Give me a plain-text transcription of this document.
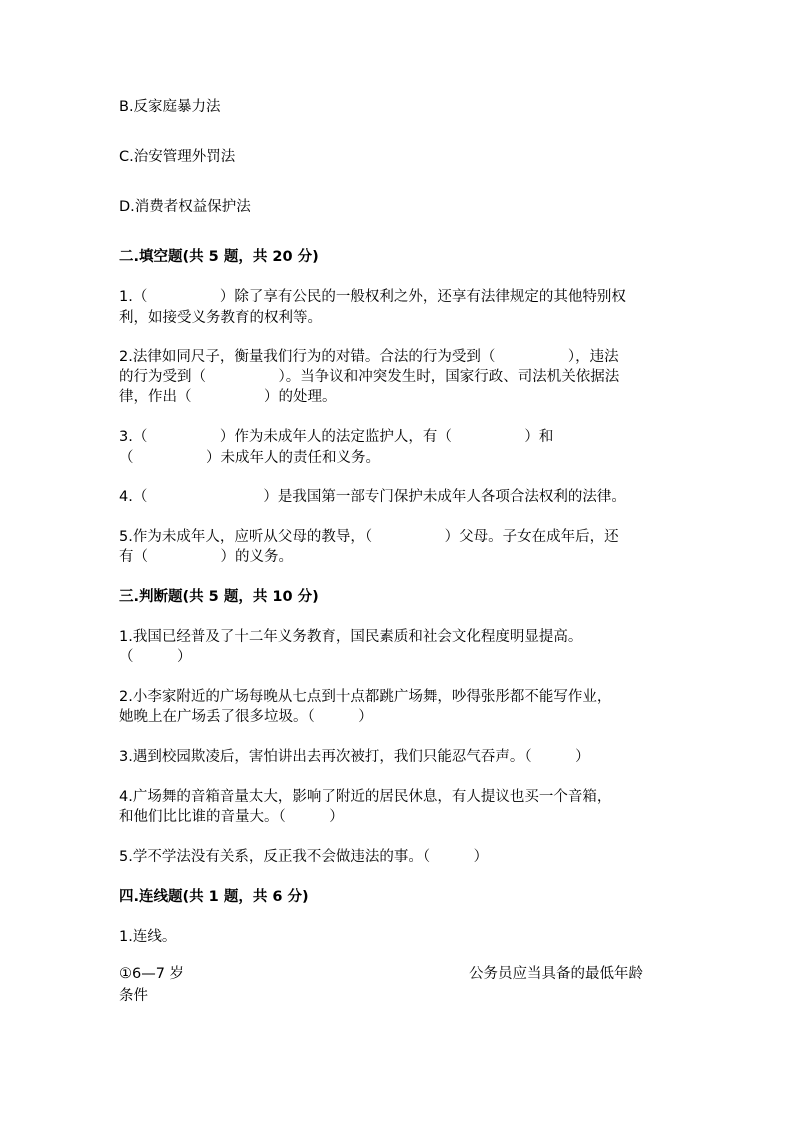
B.反家庭暴力法
C.治安管理外罚法
D.消费者权益保护法
二.填空题(共 5 题，共 20 分)
1.（　　　　　）除了享有公民的一般权利之外，还享有法律规定的其他特别权
利，如接受义务教育的权利等。
2.法律如同尺子，衡量我们行为的对错。合法的行为受到（　　　　　），违法
的行为受到（　　　　　）。当争议和冲突发生时，国家行政、司法机关依据法
律，作出（　　　　　）的处理。
3.（　　　　　）作为未成年人的法定监护人，有（　　　　　）和
（　　　　　）未成年人的责任和义务。
4.（　　　　　　　　）是我国第一部专门保护未成年人各项合法权利的法律。
5.作为未成年人，应听从父母的教导，（　　　　　）父母。子女在成年后，还
有（　　　　　）的义务。
三.判断题(共 5 题，共 10 分)
1.我国已经普及了十二年义务教育，国民素质和社会文化程度明显提高。
（　　　）
2.小李家附近的广场每晚从七点到十点都跳广场舞，吵得张彤都不能写作业，
她晚上在广场丢了很多垃圾。（　　　）
3.遇到校园欺凌后，害怕讲出去再次被打，我们只能忍气吞声。（　　　）
4.广场舞的音箱音量太大，影响了附近的居民休息，有人提议也买一个音箱，
和他们比比谁的音量大。（　　　）
5.学不学法没有关系，反正我不会做违法的事。（　　　）
四.连线题(共 1 题，共 6 分)
1.连线。
①6—7 岁	公务员应当具备的最低年龄
条件
